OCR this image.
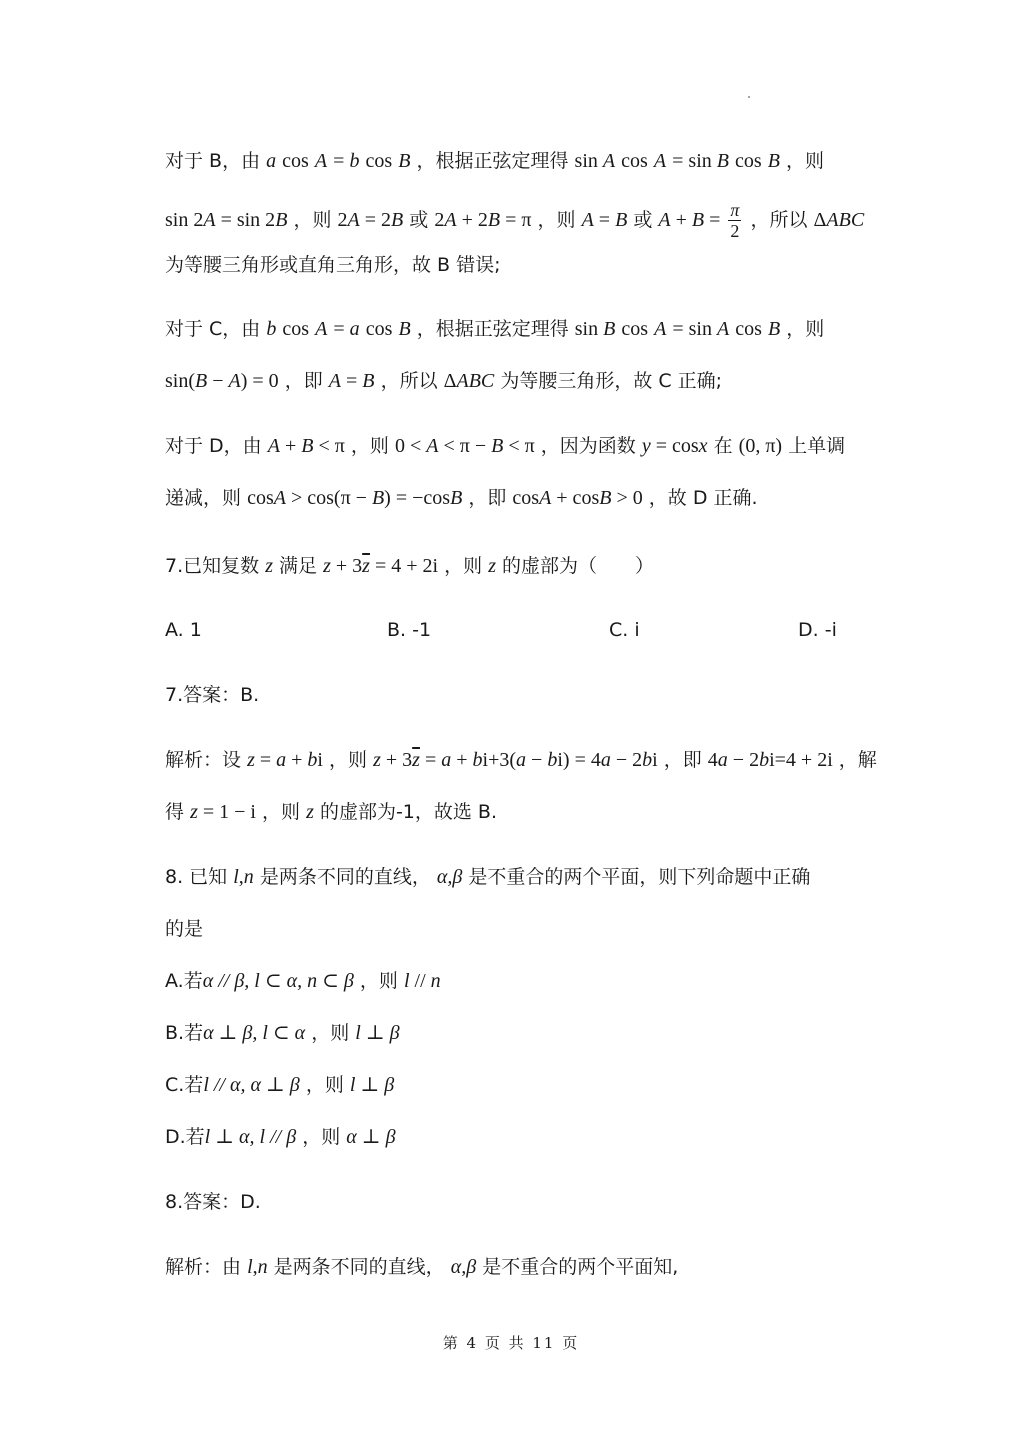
对于 B，由 a cos A = b cos B ，根据正弦定理得 sin A cos A = sin B cos B ，则
sin 2A = sin 2B ，则 2A = 2B 或 2A + 2B = π ，则 A = B 或 $A + B = \frac{\pi}{2}$ ，所以 ΔABC
为等腰三角形或直角三角形，故 B 错误;
对于 C，由 b cos A = a cos B ，根据正弦定理得 sin B cos A = sin A cos B ，则
sin(B − A) = 0 ，即 A = B ，所以 ΔABC 为等腰三角形，故 C 正确;
对于 D，由 A + B < π ，则 0 < A < π − B < π ，因为函数 y = cosx 在 (0, π) 上单调
递减，则 cosA > cos(π − B) = −cosB ，即 cosA + cosB > 0 ，故 D 正确.
7.已知复数 z 满足 $z + 3\overline{z} = 4 + 2i$ ，则 z 的虚部为（　　）
A. 1	B. -1	C. i	D. -i
7.答案：B.
解析：设 z = a + bi ，则 $z + 3\overline{z} = a + bi+3(a - bi) = 4a - 2bi$ ，即 4a − 2bi=4 + 2i ，解
得 z = 1 − i ，则 z 的虚部为-1，故选 B.
8. 已知 l,n 是两条不同的直线， α,β 是不重合的两个平面，则下列命题中正确
的是
A.若α // β, l ⊂ α, n ⊂ β ，则 l // n
B.若α ⊥ β, l ⊂ α ，则 l ⊥ β
C.若l // α, α ⊥ β ，则 l ⊥ β
D.若l ⊥ α, l // β ，则 α ⊥ β
8.答案：D.
解析：由 l,n 是两条不同的直线， α,β 是不重合的两个平面知,
第 4 页 共 11 页
